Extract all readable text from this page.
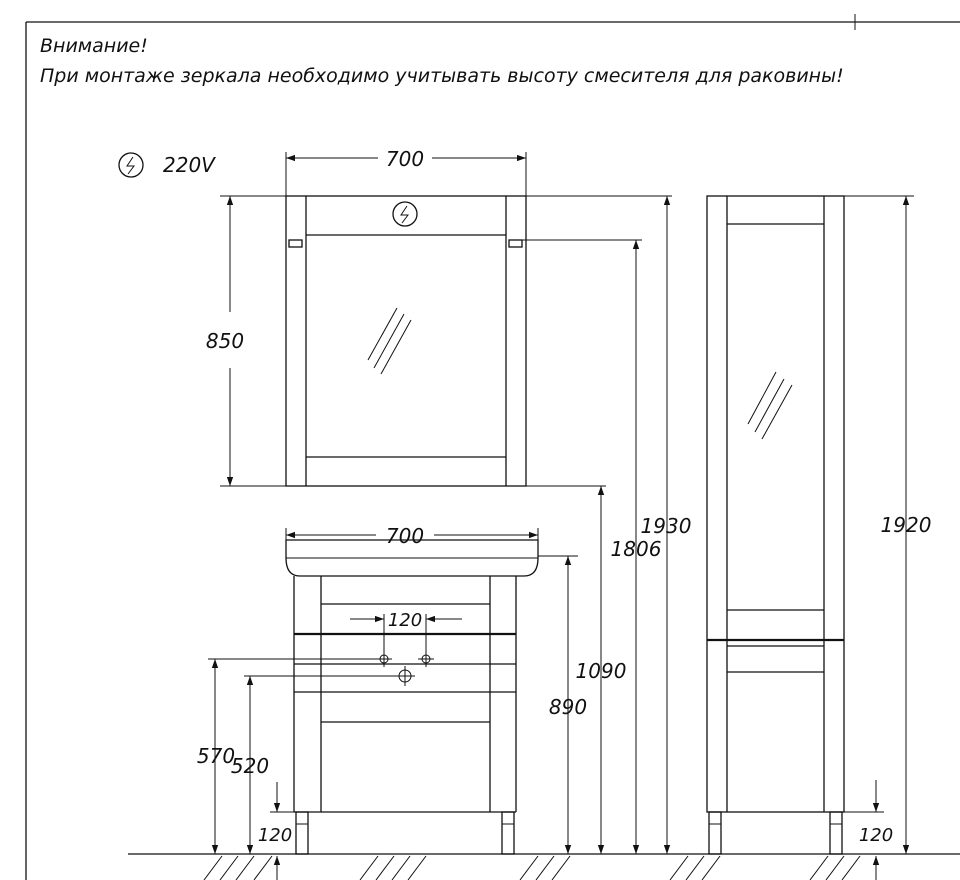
Внимание!
При монтаже зеркала необходимо учитывать высоту смесителя для раковины!
220V	700
850
700
120
570
520
120
890
1090
1806
1930	1920
120
